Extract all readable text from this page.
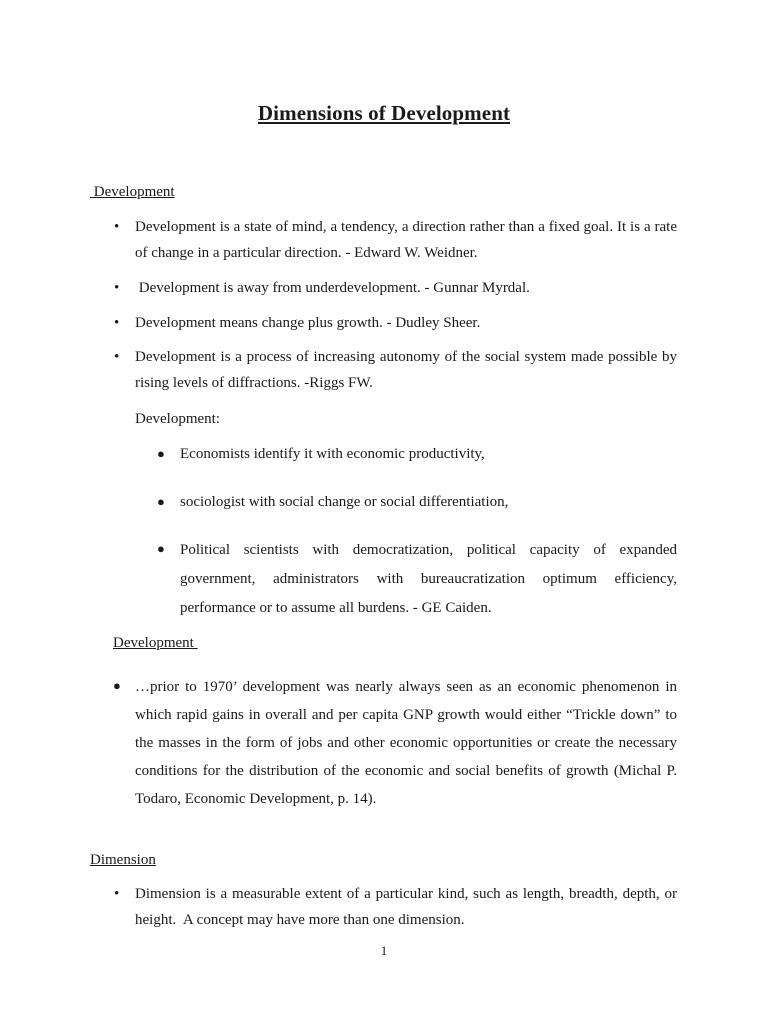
Dimensions of Development
Development
• Development is a state of mind, a tendency, a direction rather than a fixed goal. It is a rate of change in a particular direction. - Edward W. Weidner.
• Development is away from underdevelopment. - Gunnar Myrdal.
• Development means change plus growth. - Dudley Sheer.
• Development is a process of increasing autonomy of the social system made possible by rising levels of diffractions. -Riggs FW.
Development:
● Economists identify it with economic productivity,
● sociologist with social change or social differentiation,
● Political scientists with democratization, political capacity of expanded government, administrators with bureaucratization optimum efficiency, performance or to assume all burdens. - GE Caiden.
Development
● …prior to 1970’ development was nearly always seen as an economic phenomenon in which rapid gains in overall and per capita GNP growth would either “Trickle down” to the masses in the form of jobs and other economic opportunities or create the necessary conditions for the distribution of the economic and social benefits of growth (Michal P. Todaro, Economic Development, p. 14).
Dimension
• Dimension is a measurable extent of a particular kind, such as length, breadth, depth, or height.  A concept may have more than one dimension.
1
